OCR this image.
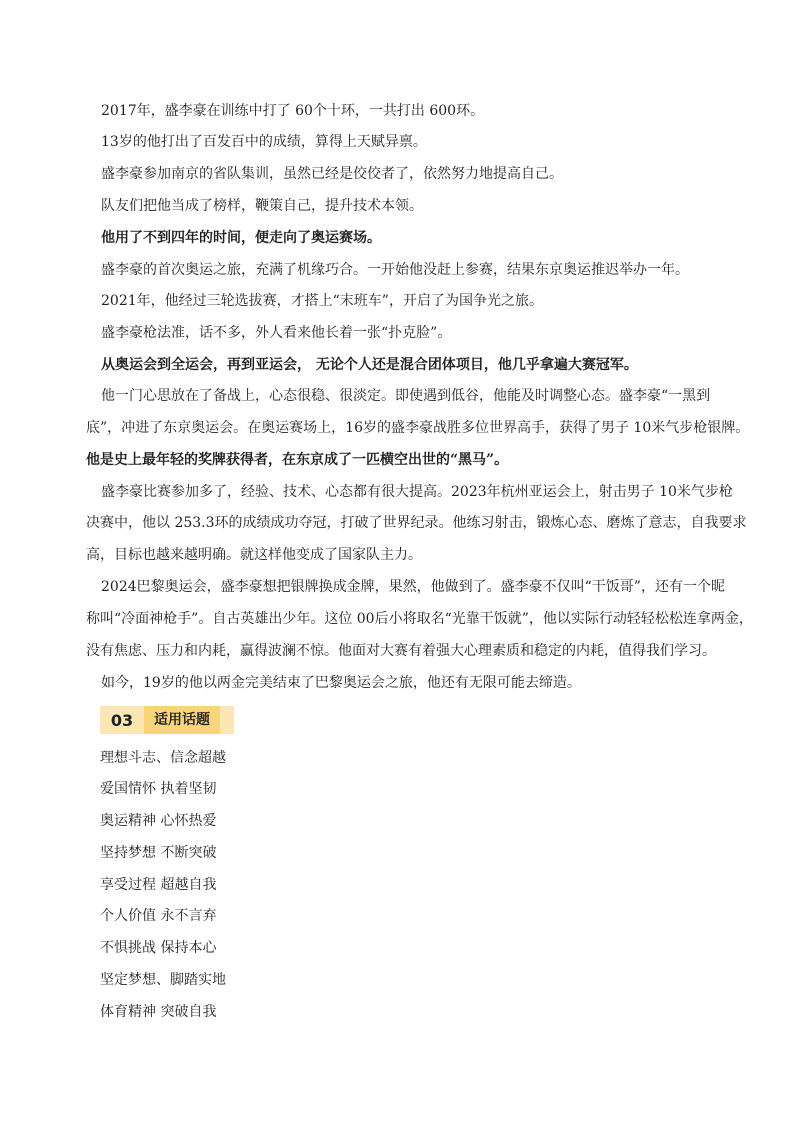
2017年，盛李豪在训练中打了 60个十环，一共打出 600环。
13岁的他打出了百发百中的成绩，算得上天赋异禀。
盛李豪参加南京的省队集训，虽然已经是佼佼者了，依然努力地提高自己。
队友们把他当成了榜样，鞭策自己，提升技术本领。
他用了不到四年的时间，便走向了奥运赛场。
盛李豪的首次奥运之旅，充满了机缘巧合。一开始他没赶上参赛，结果东京奥运推迟举办一年。
2021年，他经过三轮选拔赛，才搭上“末班车”，开启了为国争光之旅。
盛李豪枪法准，话不多，外人看来他长着一张“扑克脸”。
从奥运会到全运会，再到亚运会， 无论个人还是混合团体项目，他几乎拿遍大赛冠军。
他一门心思放在了备战上，心态很稳、很淡定。即使遇到低谷，他能及时调整心态。盛李豪“一黑到
底”，冲进了东京奥运会。在奥运赛场上，16岁的盛李豪战胜多位世界高手，获得了男子 10米气步枪银牌。
他是史上最年轻的奖牌获得者，在东京成了一匹横空出世的“黑马”。
盛李豪比赛参加多了，经验、技术、心态都有很大提高。2023年杭州亚运会上，射击男子 10米气步枪
决赛中，他以 253.3环的成绩成功夺冠，打破了世界纪录。他练习射击，锻炼心态、磨炼了意志，自我要求
高，目标也越来越明确。就这样他变成了国家队主力。
2024巴黎奥运会，盛李豪想把银牌换成金牌，果然，他做到了。盛李豪不仅叫“干饭哥”，还有一个昵
称叫“冷面神枪手”。自古英雄出少年。这位 00后小将取名“光靠干饭就”，他以实际行动轻轻松松连拿两金，
没有焦虑、压力和内耗，赢得波澜不惊。他面对大赛有着强大心理素质和稳定的内耗，值得我们学习。
如今，19岁的他以两金完美结束了巴黎奥运会之旅，他还有无限可能去缔造。
03	适用话题
理想斗志、信念超越
爱国情怀 执着坚韧
奥运精神 心怀热爱
坚持梦想 不断突破
享受过程 超越自我
个人价值 永不言弃
不惧挑战 保持本心
坚定梦想、脚踏实地
体育精神 突破自我
